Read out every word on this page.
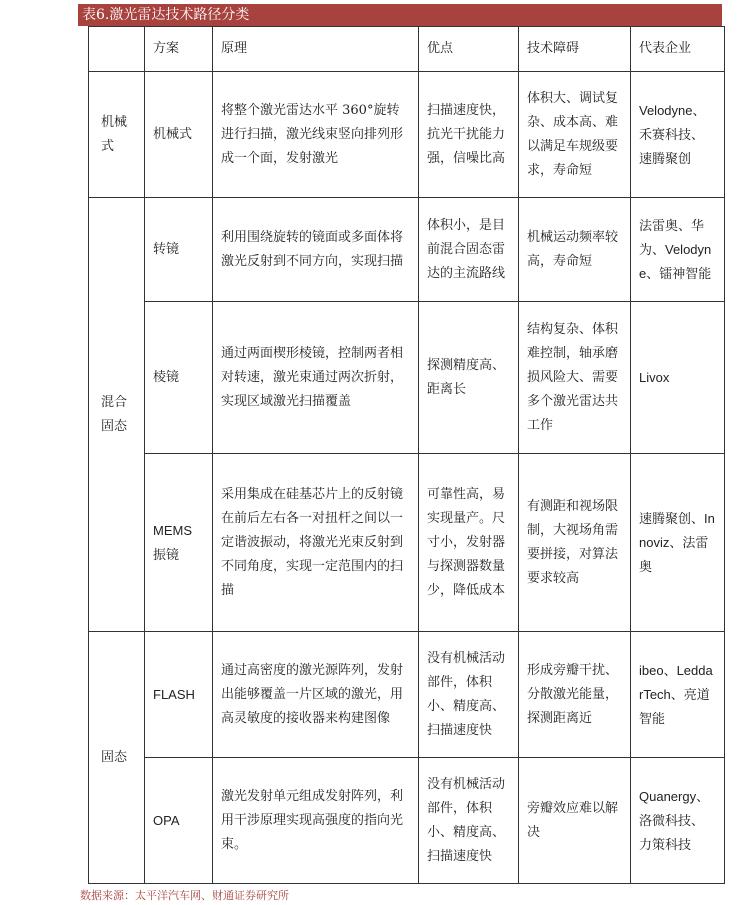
表6.激光雷达技术路径分类
	方案	原理	优点	技术障碍	代表企业
机械式	机械式	将整个激光雷达水平 360°旋转进行扫描，激光线束竖向排列形成一个面，发射激光	扫描速度快，抗光干扰能力强，信噪比高	体积大、调试复杂、成本高、难以满足车规级要求，寿命短	Velodyne、禾赛科技、速腾聚创
混合固态	转镜	利用围绕旋转的镜面或多面体将激光反射到不同方向，实现扫描	体积小，是目前混合固态雷达的主流路线	机械运动频率较高，寿命短	法雷奥、华为、Velodyne、镭神智能
	棱镜	通过两面楔形棱镜，控制两者相对转速，激光束通过两次折射，实现区域激光扫描覆盖	探测精度高、距离长	结构复杂、体积难控制，轴承磨损风险大、需要多个激光雷达共工作	Livox
	MEMS振镜	采用集成在硅基芯片上的反射镜在前后左右各一对扭杆之间以一定谐波振动，将激光光束反射到不同角度，实现一定范围内的扫描	可靠性高，易实现量产。尺寸小，发射器与探测器数量少，降低成本	有测距和视场限制，大视场角需要拼接，对算法要求较高	速腾聚创、Innoviz、法雷奥
固态	FLASH	通过高密度的激光源阵列，发射出能够覆盖一片区域的激光，用高灵敏度的接收器来构建图像	没有机械活动部件，体积小、精度高、扫描速度快	形成旁瓣干扰、分散激光能量，探测距离近	ibeo、LeddarTech、亮道智能
	OPA	激光发射单元组成发射阵列，利用干涉原理实现高强度的指向光束。	没有机械活动部件，体积小、精度高、扫描速度快	旁瓣效应难以解决	Quanergy、洛微科技、力策科技
数据来源：太平洋汽车网、财通证券研究所
